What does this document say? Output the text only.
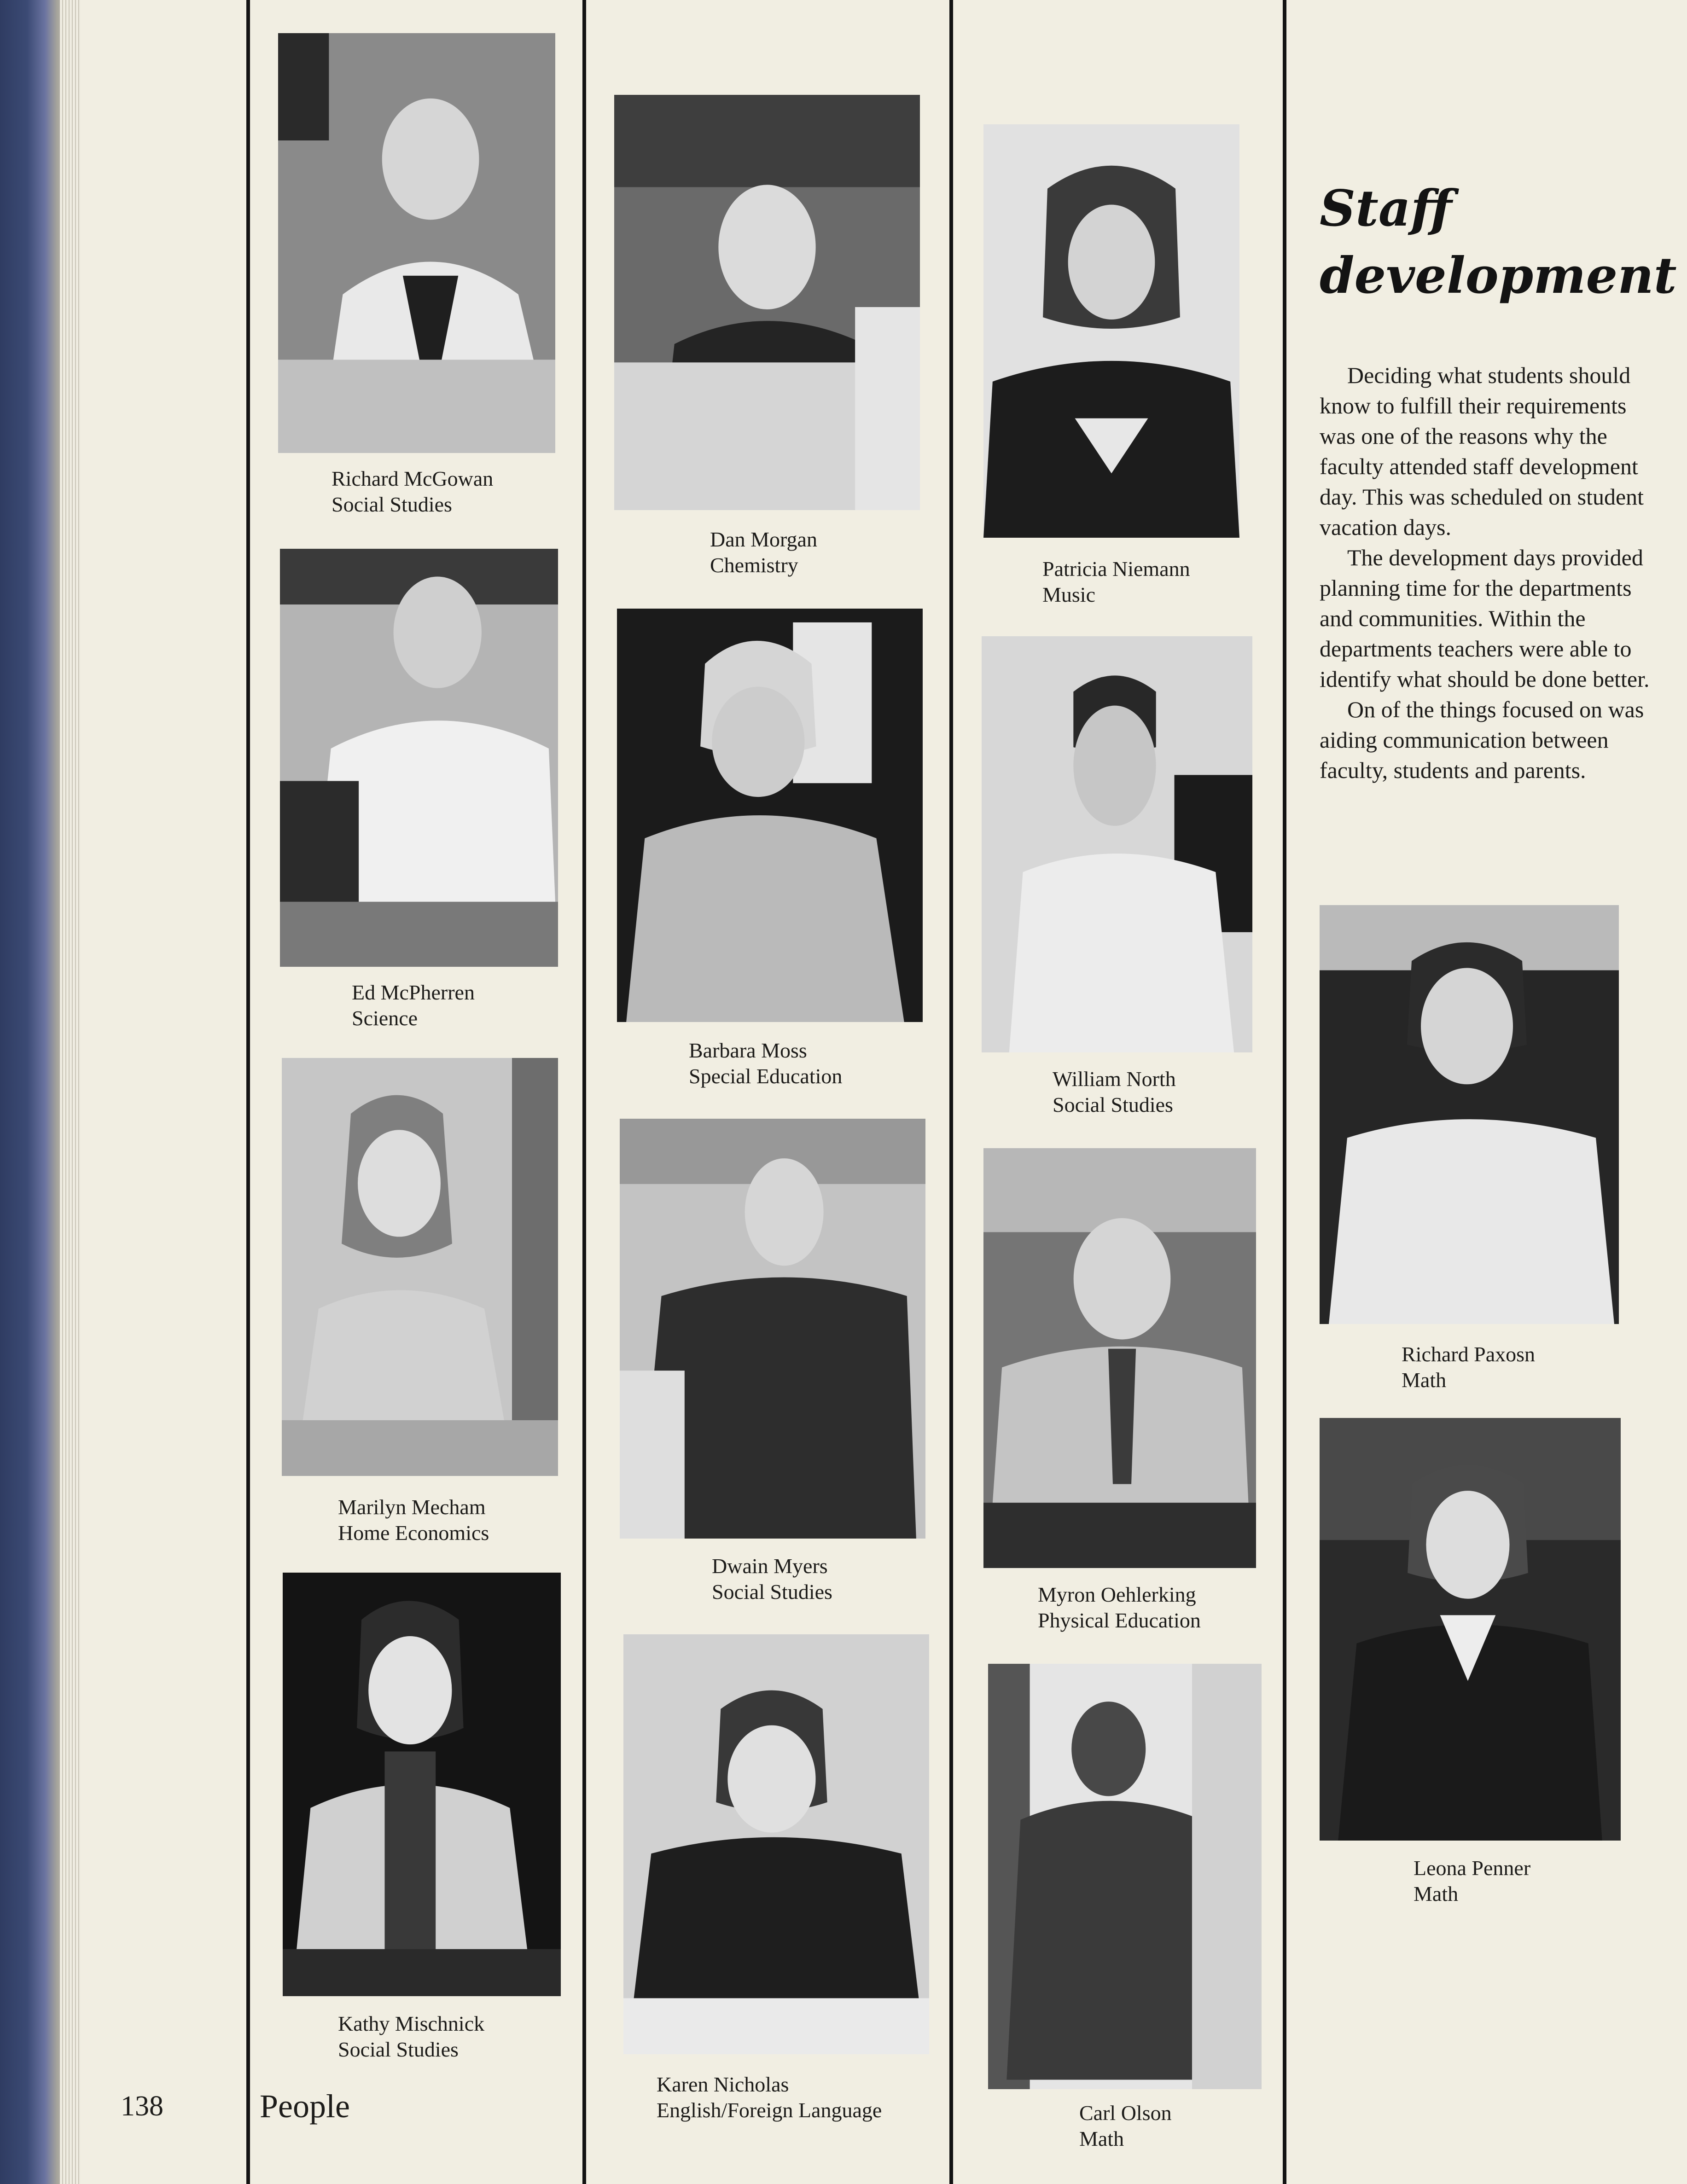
Richard McGowan
Social Studies
Ed McPherren
Science
Marilyn Mecham
Home Economics
Kathy Mischnick
Social Studies
Dan Morgan
Chemistry
Barbara Moss
Special Education
Dwain Myers
Social Studies
Karen Nicholas
English/Foreign Language
Patricia Niemann
Music
William North
Social Studies
Myron Oehlerking
Physical Education
Carl Olson
Math
Staff
development

Deciding what students should know to fulfill their requirements was one of the reasons why the faculty attended staff development day. This was scheduled on student vacation days.

The development days provided planning time for the departments and communities. Within the departments teachers were able to identify what should be done better.

On of the things focused on was aiding communication between faculty, students and parents.

Richard Paxosn
Math
Leona Penner
Math
138	People
